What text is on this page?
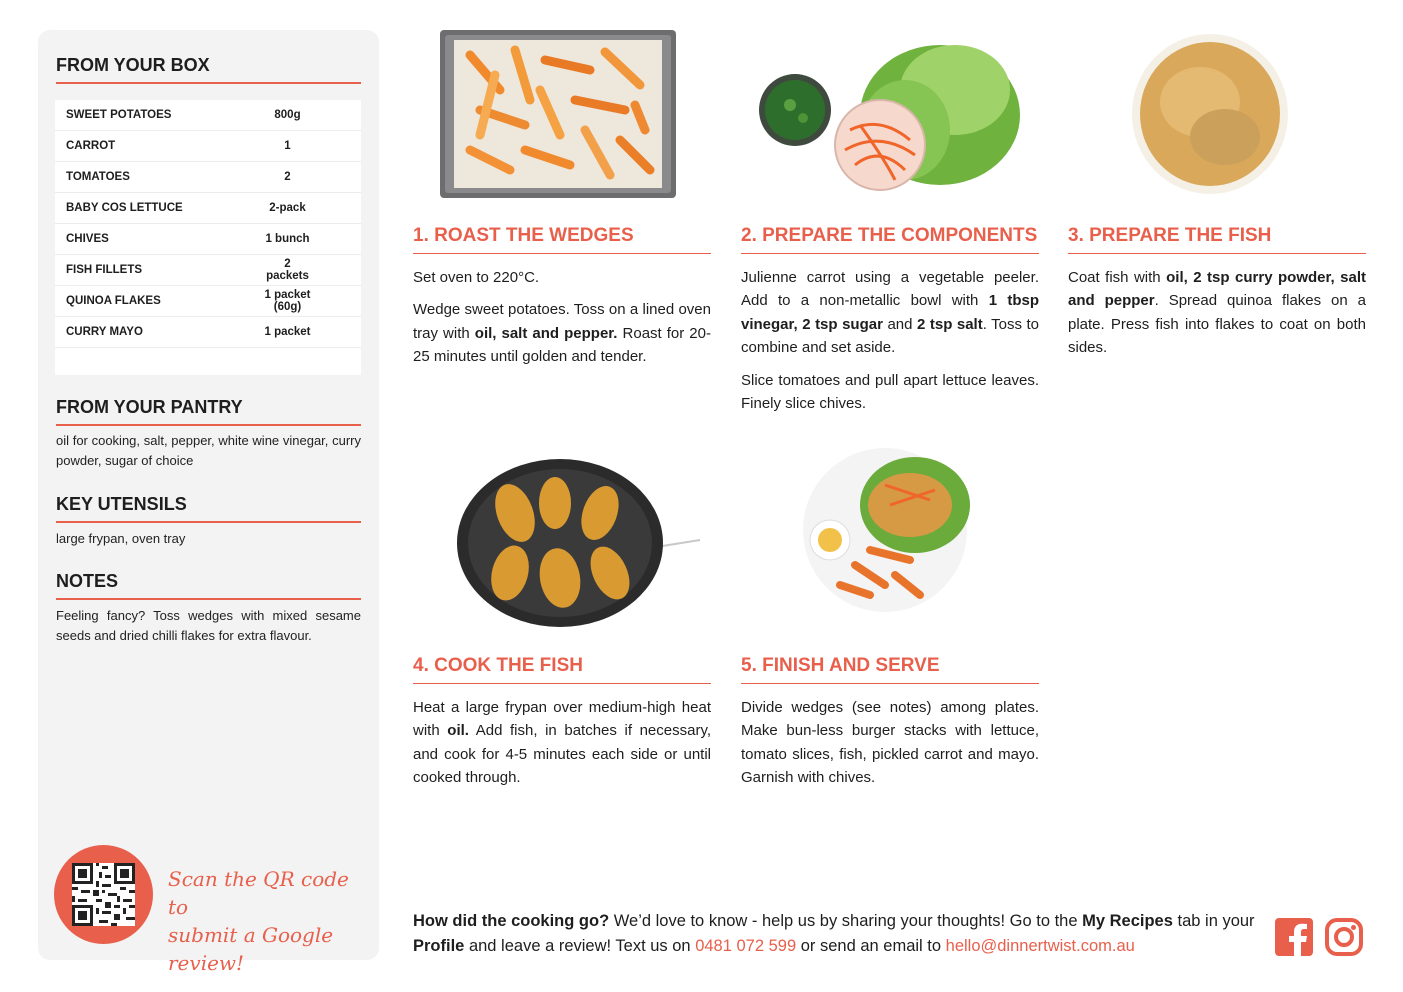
FROM YOUR BOX
SWEET POTATOES	800g
CARROT	1
TOMATOES	2
BABY COS LETTUCE	2-pack
CHIVES	1 bunch
FISH FILLETS	2 packets
QUINOA FLAKES	1 packet (60g)
CURRY MAYO	1 packet
FROM YOUR PANTRY

oil for cooking, salt, pepper, white wine vinegar, curry powder, sugar of choice

KEY UTENSILS

large frypan, oven tray

NOTES

Feeling fancy? Toss wedges with mixed sesame seeds and dried chilli flakes for extra flavour.

Scan the QR code to
submit a Google review!
1. ROAST THE WEDGES

Set oven to 220°C.

Wedge sweet potatoes. Toss on a lined oven tray with oil, salt and pepper. Roast for 20-25 minutes until golden and tender.

2. PREPARE THE COMPONENTS

Julienne carrot using a vegetable peeler. Add to a non-metallic bowl with 1 tbsp vinegar, 2 tsp sugar and 2 tsp salt. Toss to combine and set aside.

Slice tomatoes and pull apart lettuce leaves. Finely slice chives.

3. PREPARE THE FISH

Coat fish with oil, 2 tsp curry powder, salt and pepper. Spread quinoa flakes on a plate. Press fish into flakes to coat on both sides.

4. COOK THE FISH

Heat a large frypan over medium-high heat with oil. Add fish, in batches if necessary, and cook for 4-5 minutes each side or until cooked through.

5. FINISH AND SERVE

Divide wedges (see notes) among plates. Make bun-less burger stacks with lettuce, tomato slices, fish, pickled carrot and mayo. Garnish with chives.

How did the cooking go? We’d love to know - help us by sharing your thoughts! Go to the My Recipes tab in your Profile and leave a review! Text us on 0481 072 599 or send an email to hello@dinnertwist.com.au
